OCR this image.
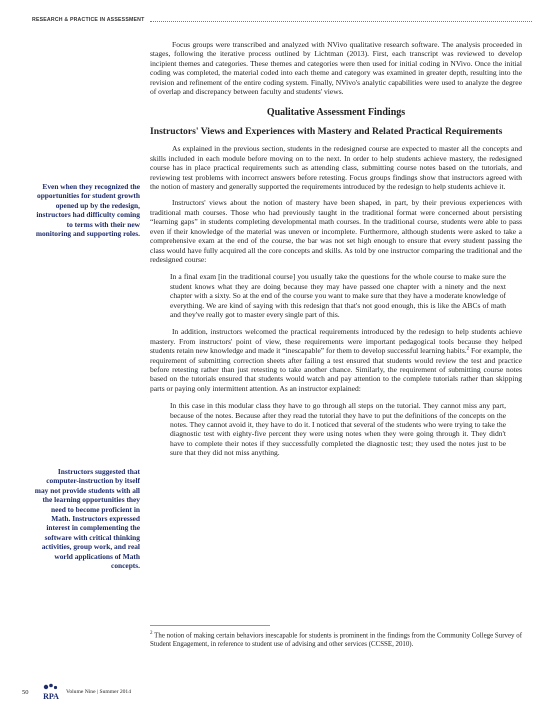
RESEARCH & PRACTICE IN ASSESSMENT

Focus groups were transcribed and analyzed with NVivo qualitative research software. The analysis proceeded in stages, following the iterative process outlined by Lichtman (2013). First, each transcript was reviewed to develop incipient themes and categories. These themes and categories were then used for initial coding in NVivo. Once the initial coding was completed, the material coded into each theme and category was examined in greater depth, resulting into the revision and refinement of the entire coding system. Finally, NVivo's analytic capabilities were used to analyze the degree of overlap and discrepancy between faculty and students' views.

Qualitative Assessment Findings
Instructors' Views and Experiences with Mastery and Related Practical Requirements

As explained in the previous section, students in the redesigned course are expected to master all the concepts and skills included in each module before moving on to the next. In order to help students achieve mastery, the redesigned course has in place practical requirements such as attending class, submitting course notes based on the tutorials, and reviewing test problems with incorrect answers before retesting. Focus groups findings show that instructors agreed with the notion of mastery and generally supported the requirements introduced by the redesign to help students achieve it.

Instructors' views about the notion of mastery have been shaped, in part, by their previous experiences with traditional math courses. Those who had previously taught in the traditional format were concerned about persisting “learning gaps” in students completing developmental math courses. In the traditional course, students were able to pass even if their knowledge of the material was uneven or incomplete. Furthermore, although students were asked to take a comprehensive exam at the end of the course, the bar was not set high enough to ensure that every student passing the class would have fully acquired all the core concepts and skills. As told by one instructor comparing the traditional and the redesigned course:

In a final exam [in the traditional course] you usually take the questions for the whole course to make sure the student knows what they are doing because they may have passed one chapter with a ninety and the next chapter with a sixty. So at the end of the course you want to make sure that they have a moderate knowledge of everything. We are kind of saying with this redesign that that's not good enough, this is like the ABCs of math and they've really got to master every single part of this.

In addition, instructors welcomed the practical requirements introduced by the redesign to help students achieve mastery. From instructors' point of view, these requirements were important pedagogical tools because they helped students retain new knowledge and made it “inescapable” for them to develop successful learning habits.$^2$ For example, the requirement of submitting correction sheets after failing a test ensured that students would review the test and practice before retesting rather than just retesting to take another chance. Similarly, the requirement of submitting course notes based on the tutorials ensured that students would watch and pay attention to the complete tutorials rather than skipping parts or paying only intermittent attention. As an instructor explained:

In this case in this modular class they have to go through all steps on the tutorial. They cannot miss any part, because of the notes. Because after they read the tutorial they have to put the definitions of the concepts on the notes. They cannot avoid it, they have to do it. I noticed that several of the students who were trying to take the diagnostic test with eighty-five percent they were using notes when they were going through it. They didn't have to complete their notes if they successfully completed the diagnostic test; they used the notes just to be sure that they did not miss anything.
Even when they recognized the opportunities for student growth opened up by the redesign, instructors had difficulty coming to terms with their new monitoring and supporting roles.
Instructors suggested that computer-instruction by itself may not provide students with all the learning opportunities they need to become proficient in Math. Instructors expressed interest in complementing the software with critical thinking activities, group work, and real world applications of Math concepts.
$^2$ The notion of making certain behaviors inescapable for students is prominent in the findings from the Community College Survey of Student Engagement, in reference to student use of advising and other services (CCSSE, 2010).
50 RPA Volume Nine | Summer 2014
